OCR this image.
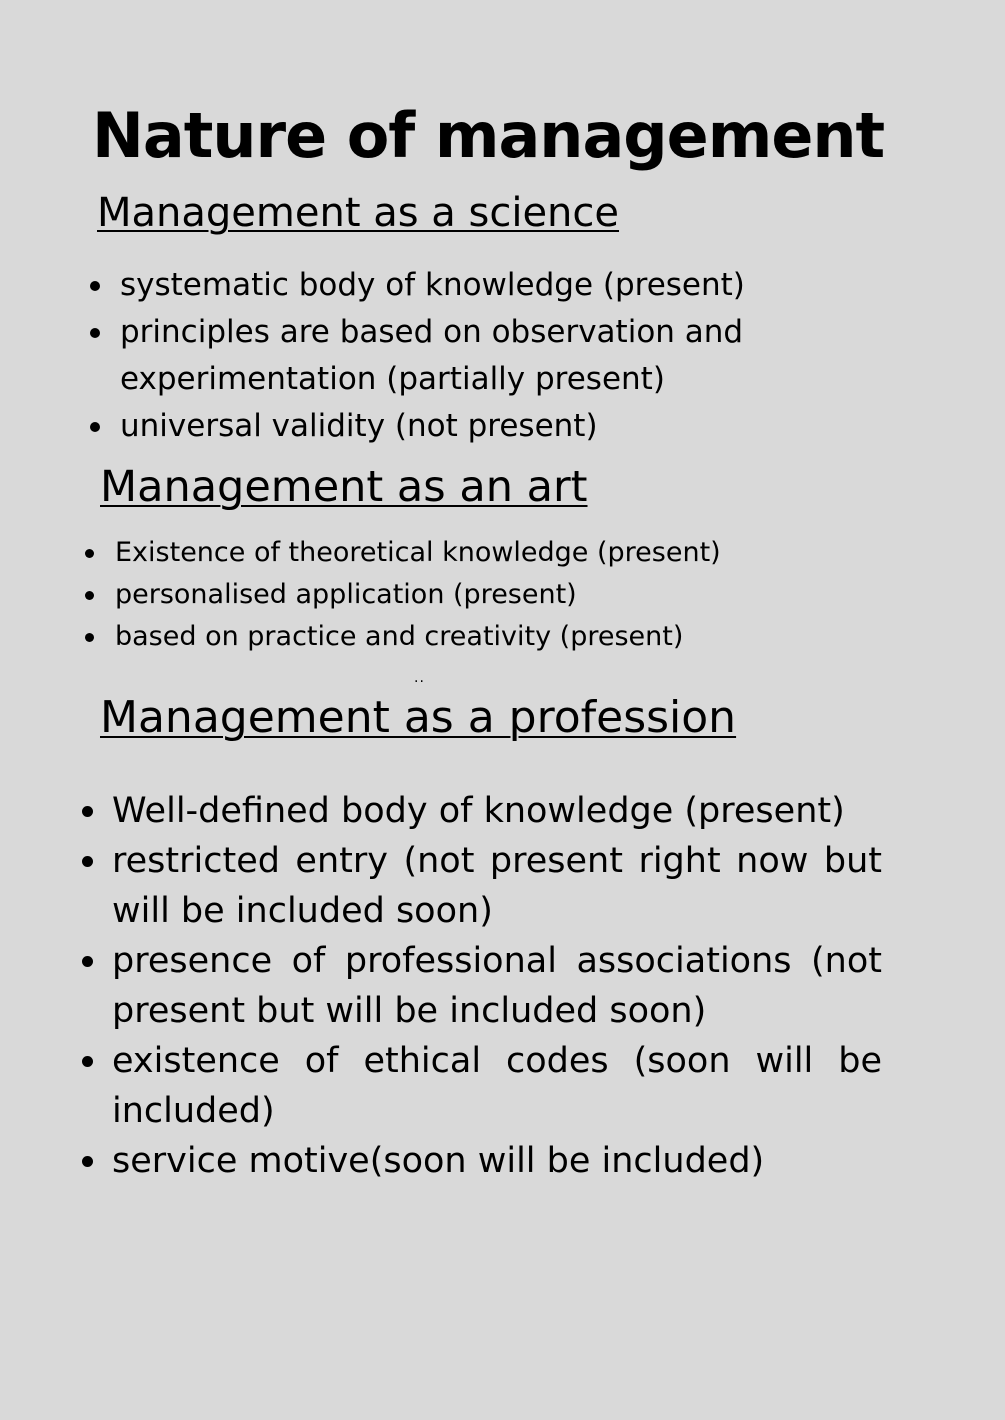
Nature of management
Management as a science
systematic body of knowledge (present)
principles are based on observation and experimentation (partially present)
universal validity (not present)
Management as an art
Existence of theoretical knowledge (present)
personalised application (present)
based on practice and creativity (present)
..
Management as a profession
Well-defined body of knowledge (present)
restricted entry (not present right now but will be included soon)
presence of professional associations (not present but will be included soon)
existence of ethical codes (soon will be included)
service motive(soon will be included)
